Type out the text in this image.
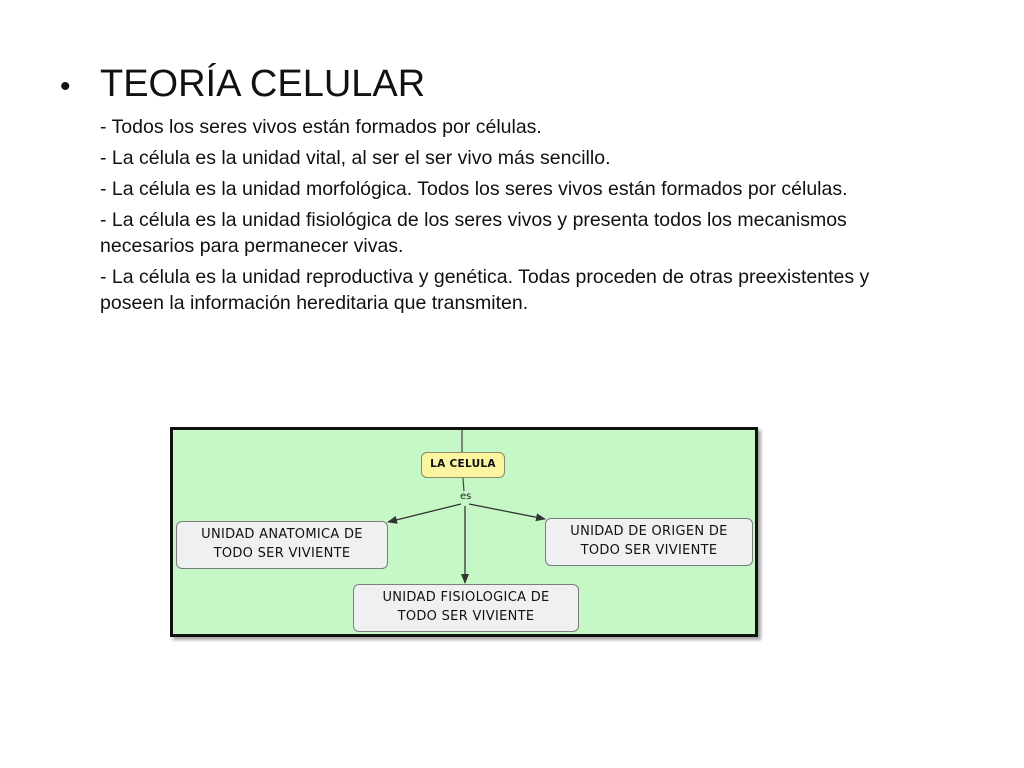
• TEORÍA CELULAR
- Todos los seres vivos están formados por células.
- La célula es la unidad vital, al ser el ser vivo más sencillo.
- La célula es la unidad morfológica. Todos los seres vivos están formados por células.
- La célula es la unidad fisiológica de los seres vivos y presenta todos los mecanismos necesarios para permanecer vivas.
- La célula es la unidad reproductiva y genética. Todas proceden de otras preexistentes y poseen la información hereditaria que transmiten.
LA CELULA
es
UNIDAD ANATOMICA DE
TODO SER VIVIENTE
UNIDAD DE ORIGEN DE
TODO SER VIVIENTE
UNIDAD FISIOLOGICA DE
TODO SER VIVIENTE
